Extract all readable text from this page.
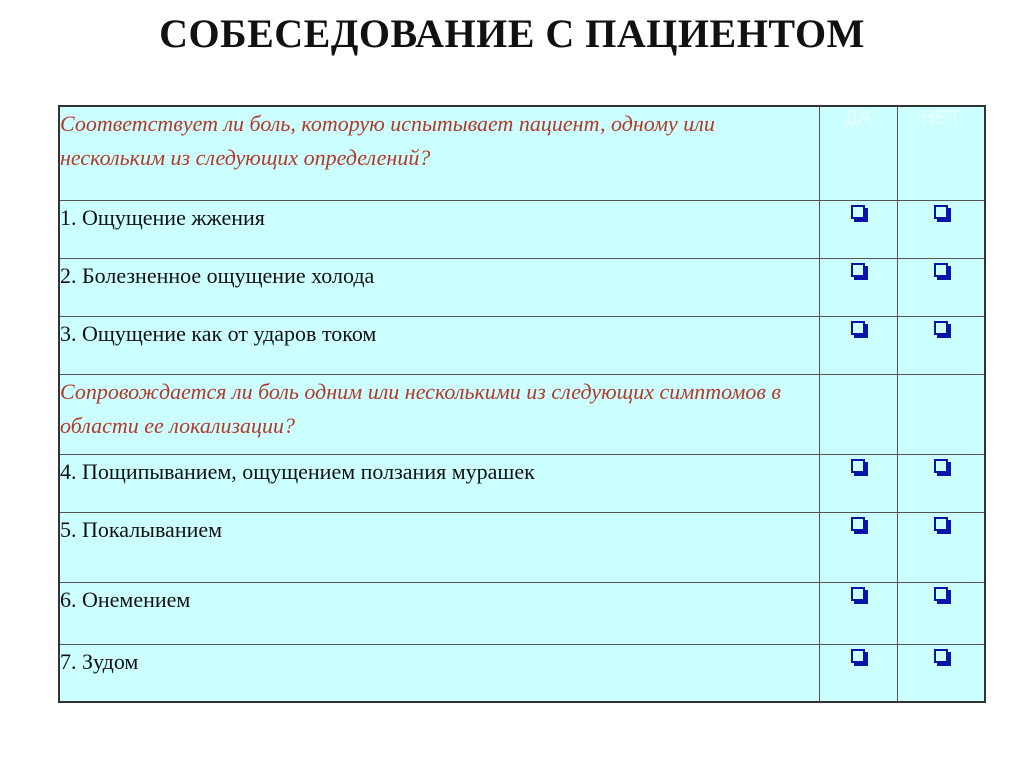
СОБЕСЕДОВАНИЕ С ПАЦИЕНТОМ
Соответствует ли боль, которую испытывает пациент, одному или нескольким из следующих определений?	ДА	НЕТ
1. Ощущение жжения		
2. Болезненное ощущение холода		
3. Ощущение как от ударов током		
Сопровождается ли боль одним или несколькими из следующих симптомов в области ее локализации?		
4. Пощипыванием, ощущением ползания мурашек		
5. Покалыванием		
6. Онемением		
7. Зудом		
